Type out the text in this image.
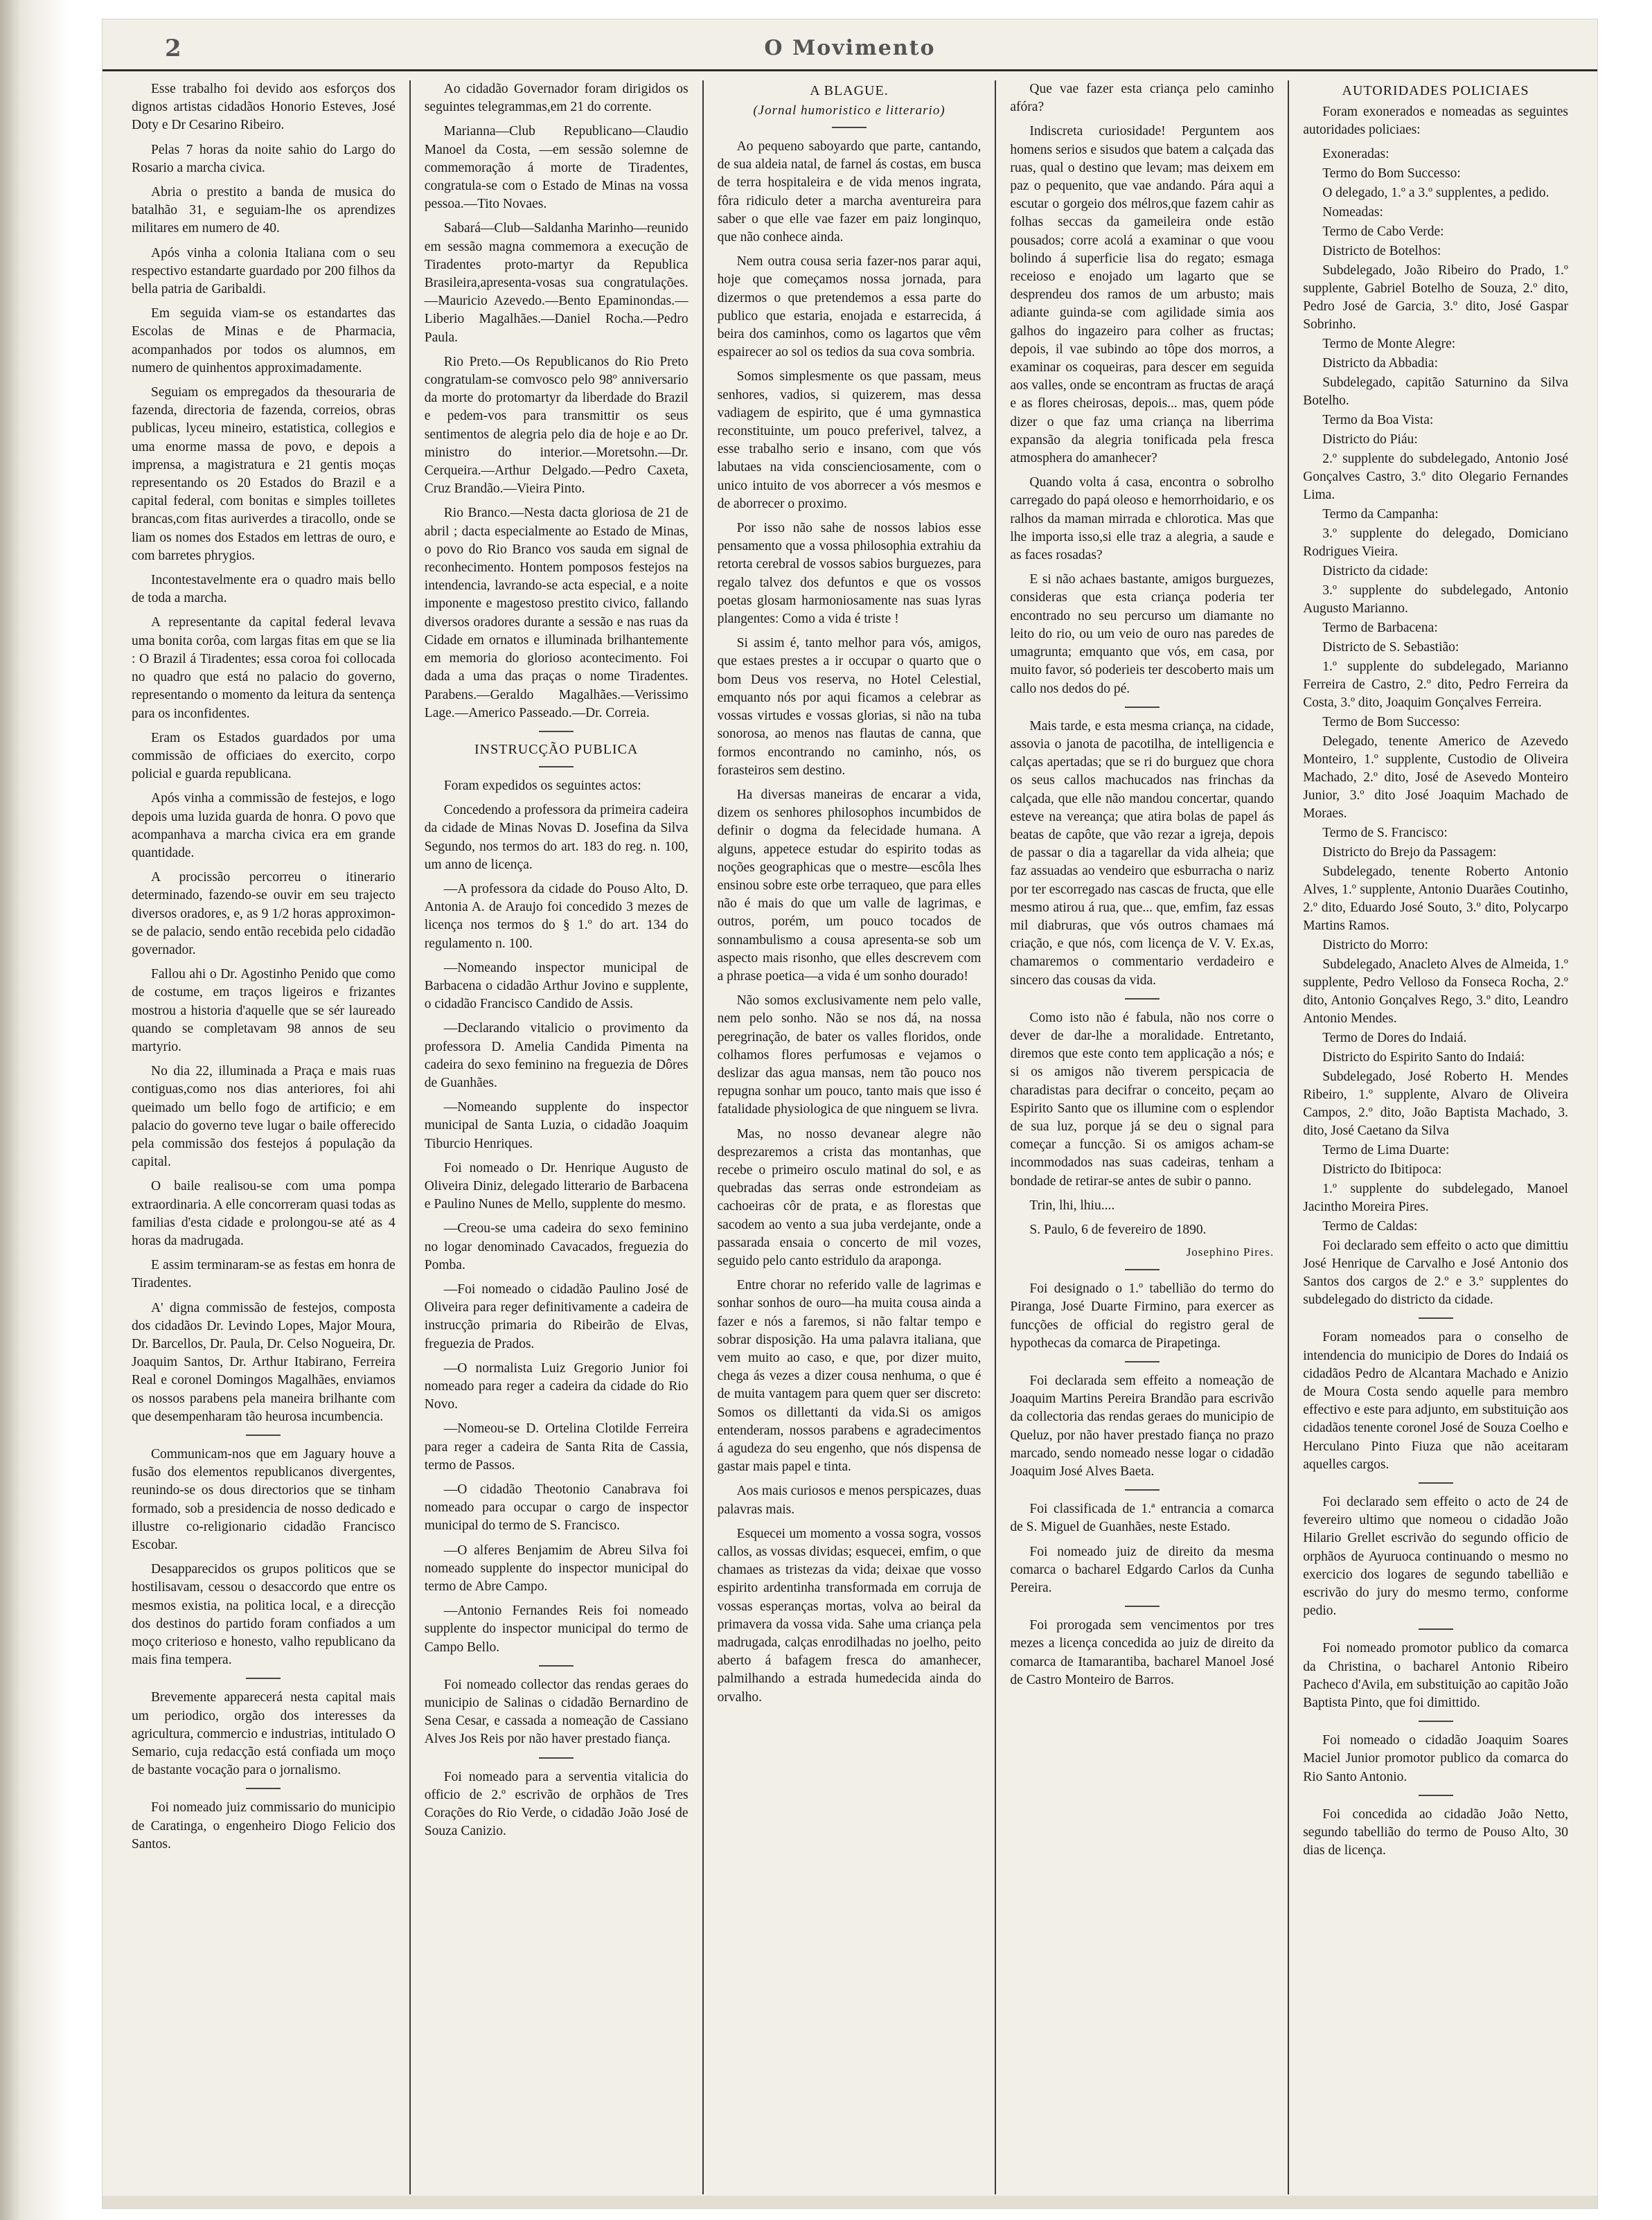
2	O Movimento

Esse trabalho foi devido aos esforços dos dignos artistas cidadãos Honorio Esteves, José Doty e Dr Cesarino Ribeiro.

Pelas 7 horas da noite sahio do Largo do Rosario a marcha civica.

Abria o prestito a banda de musica do batalhão 31, e seguiam-lhe os aprendizes militares em numero de 40.

Após vinha a colonia Italiana com o seu respectivo estandarte guardado por 200 filhos da bella patria de Garibaldi.

Em seguida viam-se os estandartes das Escolas de Minas e de Pharmacia, acompanhados por todos os alumnos, em numero de quinhentos approximadamente.

Seguiam os empregados da thesouraria de fazenda, directoria de fazenda, correios, obras publicas, lyceu mineiro, estatistica, collegios e uma enorme massa de povo, e depois a imprensa, a magistratura e 21 gentis moças representando os 20 Estados do Brazil e a capital federal, com bonitas e simples toilletes brancas,com fitas auriverdes a tiracollo, onde se liam os nomes dos Estados em lettras de ouro, e com barretes phrygios.

Incontestavelmente era o quadro mais bello de toda a marcha.

A representante da capital federal levava uma bonita corôa, com largas fitas em que se lia : O Brazil á Tiradentes; essa coroa foi collocada no quadro que está no palacio do governo, representando o momento da leitura da sentença para os inconfidentes.

Eram os Estados guardados por uma commissão de officiaes do exercito, corpo policial e guarda republicana.

Após vinha a commissão de festejos, e logo depois uma luzida guarda de honra. O povo que acompanhava a marcha civica era em grande quantidade.

A procissão percorreu o itinerario determinado, fazendo-se ouvir em seu trajecto diversos oradores, e, as 9 1/2 horas approximon-se de palacio, sendo então recebida pelo cidadão governador.

Fallou ahi o Dr. Agostinho Penido que como de costume, em traços ligeiros e frizantes mostrou a historia d'aquelle que se sér laureado quando se completavam 98 annos de seu martyrio.

No dia 22, illuminada a Praça e mais ruas contiguas,como nos dias anteriores, foi ahi queimado um bello fogo de artificio; e em palacio do governo teve lugar o baile offerecido pela commissão dos festejos á população da capital.

O baile realisou-se com uma pompa extraordinaria. A elle concorreram quasi todas as familias d'esta cidade e prolongou-se até as 4 horas da madrugada.

E assim terminaram-se as festas em honra de Tiradentes.

A' digna commissão de festejos, composta dos cidadãos Dr. Levindo Lopes, Major Moura, Dr. Barcellos, Dr. Paula, Dr. Celso Nogueira, Dr. Joaquim Santos, Dr. Arthur Itabirano, Ferreira Real e coronel Domingos Magalhães, enviamos os nossos parabens pela maneira brilhante com que desempenharam tão heurosa incumbencia.

Communicam-nos que em Jaguary houve a fusão dos elementos republicanos divergentes, reunindo-se os dous directorios que se tinham formado, sob a presidencia de nosso dedicado e illustre co-religionario cidadão Francisco Escobar.

Desapparecidos os grupos politicos que se hostilisavam, cessou o desaccordo que entre os mesmos existia, na politica local, e a direcção dos destinos do partido foram confiados a um moço criterioso e honesto, valho republicano da mais fina tempera.

Brevemente apparecerá nesta capital mais um periodico, orgão dos interesses da agricultura, commercio e industrias, intitulado O Semario, cuja redacção está confiada um moço de bastante vocação para o jornalismo.

Foi nomeado juiz commissario do municipio de Caratinga, o engenheiro Diogo Felicio dos Santos.

Ao cidadão Governador foram dirigidos os seguintes telegrammas,em 21 do corrente.

Marianna—Club Republicano—Claudio Manoel da Costa, —em sessão solemne de commemoração á morte de Tiradentes, congratula-se com o Estado de Minas na vossa pessoa.—Tito Novaes.

Sabará—Club—Saldanha Marinho—reunido em sessão magna commemora a execução de Tiradentes proto-martyr da Republica Brasileira,apresenta-vosas sua congratulações.—Mauricio Azevedo.—Bento Epaminondas.—Liberio Magalhães.—Daniel Rocha.—Pedro Paula.

Rio Preto.—Os Republicanos do Rio Preto congratulam-se comvosco pelo 98º anniversario da morte do protomartyr da liberdade do Brazil e pedem-vos para transmittir os seus sentimentos de alegria pelo dia de hoje e ao Dr. ministro do interior.—Moretsohn.—Dr. Cerqueira.—Arthur Delgado.—Pedro Caxeta, Cruz Brandão.—Vieira Pinto.

Rio Branco.—Nesta dacta gloriosa de 21 de abril ; dacta especialmente ao Estado de Minas, o povo do Rio Branco vos sauda em signal de reconhecimento. Hontem pomposos festejos na intendencia, lavrando-se acta especial, e a noite imponente e magestoso prestito civico, fallando diversos oradores durante a sessão e nas ruas da Cidade em ornatos e illuminada brilhantemente em memoria do glorioso acontecimento. Foi dada a uma das praças o nome Tiradentes. Parabens.—Geraldo Magalhães.—Verissimo Lage.—Americo Passeado.—Dr. Correia.

INSTRUCÇÃO PUBLICA

Foram expedidos os seguintes actos:

Concedendo a professora da primeira cadeira da cidade de Minas Novas D. Josefina da Silva Segundo, nos termos do art. 183 do reg. n. 100, um anno de licença.

—A professora da cidade do Pouso Alto, D. Antonia A. de Araujo foi concedido 3 mezes de licença nos termos do § 1.º do art. 134 do regulamento n. 100.

—Nomeando inspector municipal de Barbacena o cidadão Arthur Jovino e supplente, o cidadão Francisco Candido de Assis.

—Declarando vitalicio o provimento da professora D. Amelia Candida Pimenta na cadeira do sexo feminino na freguezia de Dôres de Guanhães.

—Nomeando supplente do inspector municipal de Santa Luzia, o cidadão Joaquim Tiburcio Henriques.

Foi nomeado o Dr. Henrique Augusto de Oliveira Diniz, delegado litterario de Barbacena e Paulino Nunes de Mello, supplente do mesmo.

—Creou-se uma cadeira do sexo feminino no logar denominado Cavacados, freguezia do Pomba.

—Foi nomeado o cidadão Paulino José de Oliveira para reger definitivamente a cadeira de instrucção primaria do Ribeirão de Elvas, freguezia de Prados.

—O normalista Luiz Gregorio Junior foi nomeado para reger a cadeira da cidade do Rio Novo.

—Nomeou-se D. Ortelina Clotilde Ferreira para reger a cadeira de Santa Rita de Cassia, termo de Passos.

—O cidadão Theotonio Canabrava foi nomeado para occupar o cargo de inspector municipal do termo de S. Francisco.

—O alferes Benjamim de Abreu Silva foi nomeado supplente do inspector municipal do termo de Abre Campo.

—Antonio Fernandes Reis foi nomeado supplente do inspector municipal do termo de Campo Bello.

Foi nomeado collector das rendas geraes do municipio de Salinas o cidadão Bernardino de Sena Cesar, e cassada a nomeação de Cassiano Alves Jos Reis por não haver prestado fiança.

Foi nomeado para a serventia vitalicia do officio de 2.º escrivão de orphãos de Tres Corações do Rio Verde, o cidadão João José de Souza Canizio.

A BLAGUE.
(Jornal humoristico e litterario)

Ao pequeno saboyardo que parte, cantando, de sua aldeia natal, de farnel ás costas, em busca de terra hospitaleira e de vida menos ingrata, fôra ridiculo deter a marcha aventureira para saber o que elle vae fazer em paiz longinquo, que não conhece ainda.

Nem outra cousa seria fazer-nos parar aqui, hoje que começamos nossa jornada, para dizermos o que pretendemos a essa parte do publico que estaria, enojada e estarrecida, á beira dos caminhos, como os lagartos que vêm espairecer ao sol os tedios da sua cova sombria.

Somos simplesmente os que passam, meus senhores, vadios, si quizerem, mas dessa vadiagem de espirito, que é uma gymnastica reconstituinte, um pouco preferivel, talvez, a esse trabalho serio e insano, com que vós labutaes na vida conscienciosamente, com o unico intuito de vos aborrecer a vós mesmos e de aborrecer o proximo.

Por isso não sahe de nossos labios esse pensamento que a vossa philosophia extrahiu da retorta cerebral de vossos sabios burguezes, para regalo talvez dos defuntos e que os vossos poetas glosam harmoniosamente nas suas lyras plangentes: Como a vida é triste !

Si assim é, tanto melhor para vós, amigos, que estaes prestes a ir occupar o quarto que o bom Deus vos reserva, no Hotel Celestial, emquanto nós por aqui ficamos a celebrar as vossas virtudes e vossas glorias, si não na tuba sonorosa, ao menos nas flautas de canna, que formos encontrando no caminho, nós, os forasteiros sem destino.

Ha diversas maneiras de encarar a vida, dizem os senhores philosophos incumbidos de definir o dogma da felecidade humana. A alguns, appetece estudar do espirito todas as noções geographicas que o mestre—escôla lhes ensinou sobre este orbe terraqueo, que para elles não é mais do que um valle de lagrimas, e outros, porém, um pouco tocados de sonnambulismo a cousa apresenta-se sob um aspecto mais risonho, que elles descrevem com a phrase poetica—a vida é um sonho dourado!

Não somos exclusivamente nem pelo valle, nem pelo sonho. Não se nos dá, na nossa peregrinação, de bater os valles floridos, onde colhamos flores perfumosas e vejamos o deslizar das agua mansas, nem tão pouco nos repugna sonhar um pouco, tanto mais que isso é fatalidade physiologica de que ninguem se livra.

Mas, no nosso devanear alegre não desprezaremos a crista das montanhas, que recebe o primeiro osculo matinal do sol, e as quebradas das serras onde estrondeiam as cachoeiras côr de prata, e as florestas que sacodem ao vento a sua juba verdejante, onde a passarada ensaia o concerto de mil vozes, seguido pelo canto estridulo da araponga.

Entre chorar no referido valle de lagrimas e sonhar sonhos de ouro—ha muita cousa ainda a fazer e nós a faremos, si não faltar tempo e sobrar disposição. Ha uma palavra italiana, que vem muito ao caso, e que, por dizer muito, chega ás vezes a dizer cousa nenhuma, o que é de muita vantagem para quem quer ser discreto: Somos os dillettanti da vida.Si os amigos entenderam, nossos parabens e agradecimentos á agudeza do seu engenho, que nós dispensa de gastar mais papel e tinta.

Aos mais curiosos e menos perspicazes, duas palavras mais.

Esquecei um momento a vossa sogra, vossos callos, as vossas dividas; esquecei, emfim, o que chamaes as tristezas da vida; deixae que vosso espirito ardentinha transformada em corruja de vossas esperanças mortas, volva ao beiral da primavera da vossa vida. Sahe uma criança pela madrugada, calças enrodilhadas no joelho, peito aberto á bafagem fresca do amanhecer, palmilhando a estrada humedecida ainda do orvalho.

Que vae fazer esta criança pelo caminho afóra?

Indiscreta curiosidade! Perguntem aos homens serios e sisudos que batem a calçada das ruas, qual o destino que levam; mas deixem em paz o pequenito, que vae andando. Pára aqui a escutar o gorgeio dos mélros,que fazem cahir as folhas seccas da gameileira onde estão pousados; corre acolá a examinar o que voou bolindo á superficie lisa do regato; esmaga receioso e enojado um lagarto que se desprendeu dos ramos de um arbusto; mais adiante guinda-se com agilidade simia aos galhos do ingazeiro para colher as fructas; depois, il vae subindo ao tôpe dos morros, a examinar os coqueiras, para descer em seguida aos valles, onde se encontram as fructas de araçá e as flores cheirosas, depois... mas, quem póde dizer o que faz uma criança na liberrima expansão da alegria tonificada pela fresca atmosphera do amanhecer?

Quando volta á casa, encontra o sobrolho carregado do papá oleoso e hemorrhoidario, e os ralhos da maman mirrada e chlorotica. Mas que lhe importa isso,si elle traz a alegria, a saude e as faces rosadas?

E si não achaes bastante, amigos burguezes, consideras que esta criança poderia ter encontrado no seu percurso um diamante no leito do rio, ou um veio de ouro nas paredes de umagrunta; emquanto que vós, em casa, por muito favor, só poderieis ter descoberto mais um callo nos dedos do pé.

Mais tarde, e esta mesma criança, na cidade, assovia o janota de pacotilha, de intelligencia e calças apertadas; que se ri do burguez que chora os seus callos machucados nas frinchas da calçada, que elle não mandou concertar, quando esteve na vereança; que atira bolas de papel ás beatas de capôte, que vão rezar a igreja, depois de passar o dia a tagarellar da vida alheia; que faz assuadas ao vendeiro que esburracha o nariz por ter escorregado nas cascas de fructa, que elle mesmo atirou á rua, que... que, emfim, faz essas mil diabruras, que vós outros chamaes má criação, e que nós, com licença de V. V. Ex.as, chamaremos o commentario verdadeiro e sincero das cousas da vida.

Como isto não é fabula, não nos corre o dever de dar-lhe a moralidade. Entretanto, diremos que este conto tem applicação a nós; e si os amigos não tiverem perspicacia de charadistas para decifrar o conceito, peçam ao Espirito Santo que os illumine com o esplendor de sua luz, porque já se deu o signal para começar a funcção. Si os amigos acham-se incommodados nas suas cadeiras, tenham a bondade de retirar-se antes de subir o panno.

Trin, lhi, lhiu....

S. Paulo, 6 de fevereiro de 1890.

Josephino Pires.

Foi designado o 1.º tabellião do termo do Piranga, José Duarte Firmino, para exercer as funcções de official do registro geral de hypothecas da comarca de Pirapetinga.

Foi declarada sem effeito a nomeação de Joaquim Martins Pereira Brandão para escrivão da collectoria das rendas geraes do municipio de Queluz, por não haver prestado fiança no prazo marcado, sendo nomeado nesse logar o cidadão Joaquim José Alves Baeta.

Foi classificada de 1.ª entrancia a comarca de S. Miguel de Guanhães, neste Estado.

Foi nomeado juiz de direito da mesma comarca o bacharel Edgardo Carlos da Cunha Pereira.

Foi prorogada sem vencimentos por tres mezes a licença concedida ao juiz de direito da comarca de Itamarantiba, bacharel Manoel José de Castro Monteiro de Barros.

AUTORIDADES POLICIAES

Foram exonerados e nomeadas as seguintes autoridades policiaes:

Exoneradas:

Termo do Bom Successo:

O delegado, 1.º a 3.º supplentes, a pedido.

Nomeadas:

Termo de Cabo Verde:

Districto de Botelhos:

Subdelegado, João Ribeiro do Prado, 1.º supplente, Gabriel Botelho de Souza, 2.º dito, Pedro José de Garcia, 3.º dito, José Gaspar Sobrinho.

Termo de Monte Alegre:

Districto da Abbadia:

Subdelegado, capitão Saturnino da Silva Botelho.

Termo da Boa Vista:

Districto do Piáu:

2.º supplente do subdelegado, Antonio José Gonçalves Castro, 3.º dito Olegario Fernandes Lima.

Termo da Campanha:

3.º supplente do delegado, Domiciano Rodrigues Vieira.

Districto da cidade:

3.º supplente do subdelegado, Antonio Augusto Marianno.

Termo de Barbacena:

Districto de S. Sebastião:

1.º supplente do subdelegado, Marianno Ferreira de Castro, 2.º dito, Pedro Ferreira da Costa, 3.º dito, Joaquim Gonçalves Ferreira.

Termo de Bom Successo:

Delegado, tenente Americo de Azevedo Monteiro, 1.º supplente, Custodio de Oliveira Machado, 2.º dito, José de Asevedo Monteiro Junior, 3.º dito José Joaquim Machado de Moraes.

Termo de S. Francisco:

Districto do Brejo da Passagem:

Subdelegado, tenente Roberto Antonio Alves, 1.º supplente, Antonio Duarães Coutinho, 2.º dito, Eduardo José Souto, 3.º dito, Polycarpo Martins Ramos.

Districto do Morro:

Subdelegado, Anacleto Alves de Almeida, 1.º supplente, Pedro Velloso da Fonseca Rocha, 2.º dito, Antonio Gonçalves Rego, 3.º dito, Leandro Antonio Mendes.

Termo de Dores do Indaiá.

Districto do Espirito Santo do Indaiá:

Subdelegado, José Roberto H. Mendes Ribeiro, 1.º supplente, Alvaro de Oliveira Campos, 2.º dito, João Baptista Machado, 3. dito, José Caetano da Silva

Termo de Lima Duarte:

Districto do Ibitipoca:

1.º supplente do subdelegado, Manoel Jacintho Moreira Pires.

Termo de Caldas:

Foi declarado sem effeito o acto que dimittiu José Henrique de Carvalho e José Antonio dos Santos dos cargos de 2.º e 3.º supplentes do subdelegado do districto da cidade.

Foram nomeados para o conselho de intendencia do municipio de Dores do Indaiá os cidadãos Pedro de Alcantara Machado e Anizio de Moura Costa sendo aquelle para membro effectivo e este para adjunto, em substituição aos cidadãos tenente coronel José de Souza Coelho e Herculano Pinto Fiuza que não aceitaram aquelles cargos.

Foi declarado sem effeito o acto de 24 de fevereiro ultimo que nomeou o cidadão João Hilario Grellet escrivão do segundo officio de orphãos de Ayuruoca continuando o mesmo no exercicio dos logares de segundo tabellião e escrivão do jury do mesmo termo, conforme pedio.

Foi nomeado promotor publico da comarca da Christina, o bacharel Antonio Ribeiro Pacheco d'Avila, em substituição ao capitão João Baptista Pinto, que foi dimittido.

Foi nomeado o cidadão Joaquim Soares Maciel Junior promotor publico da comarca do Rio Santo Antonio.

Foi concedida ao cidadão João Netto, segundo tabellião do termo de Pouso Alto, 30 dias de licença.
